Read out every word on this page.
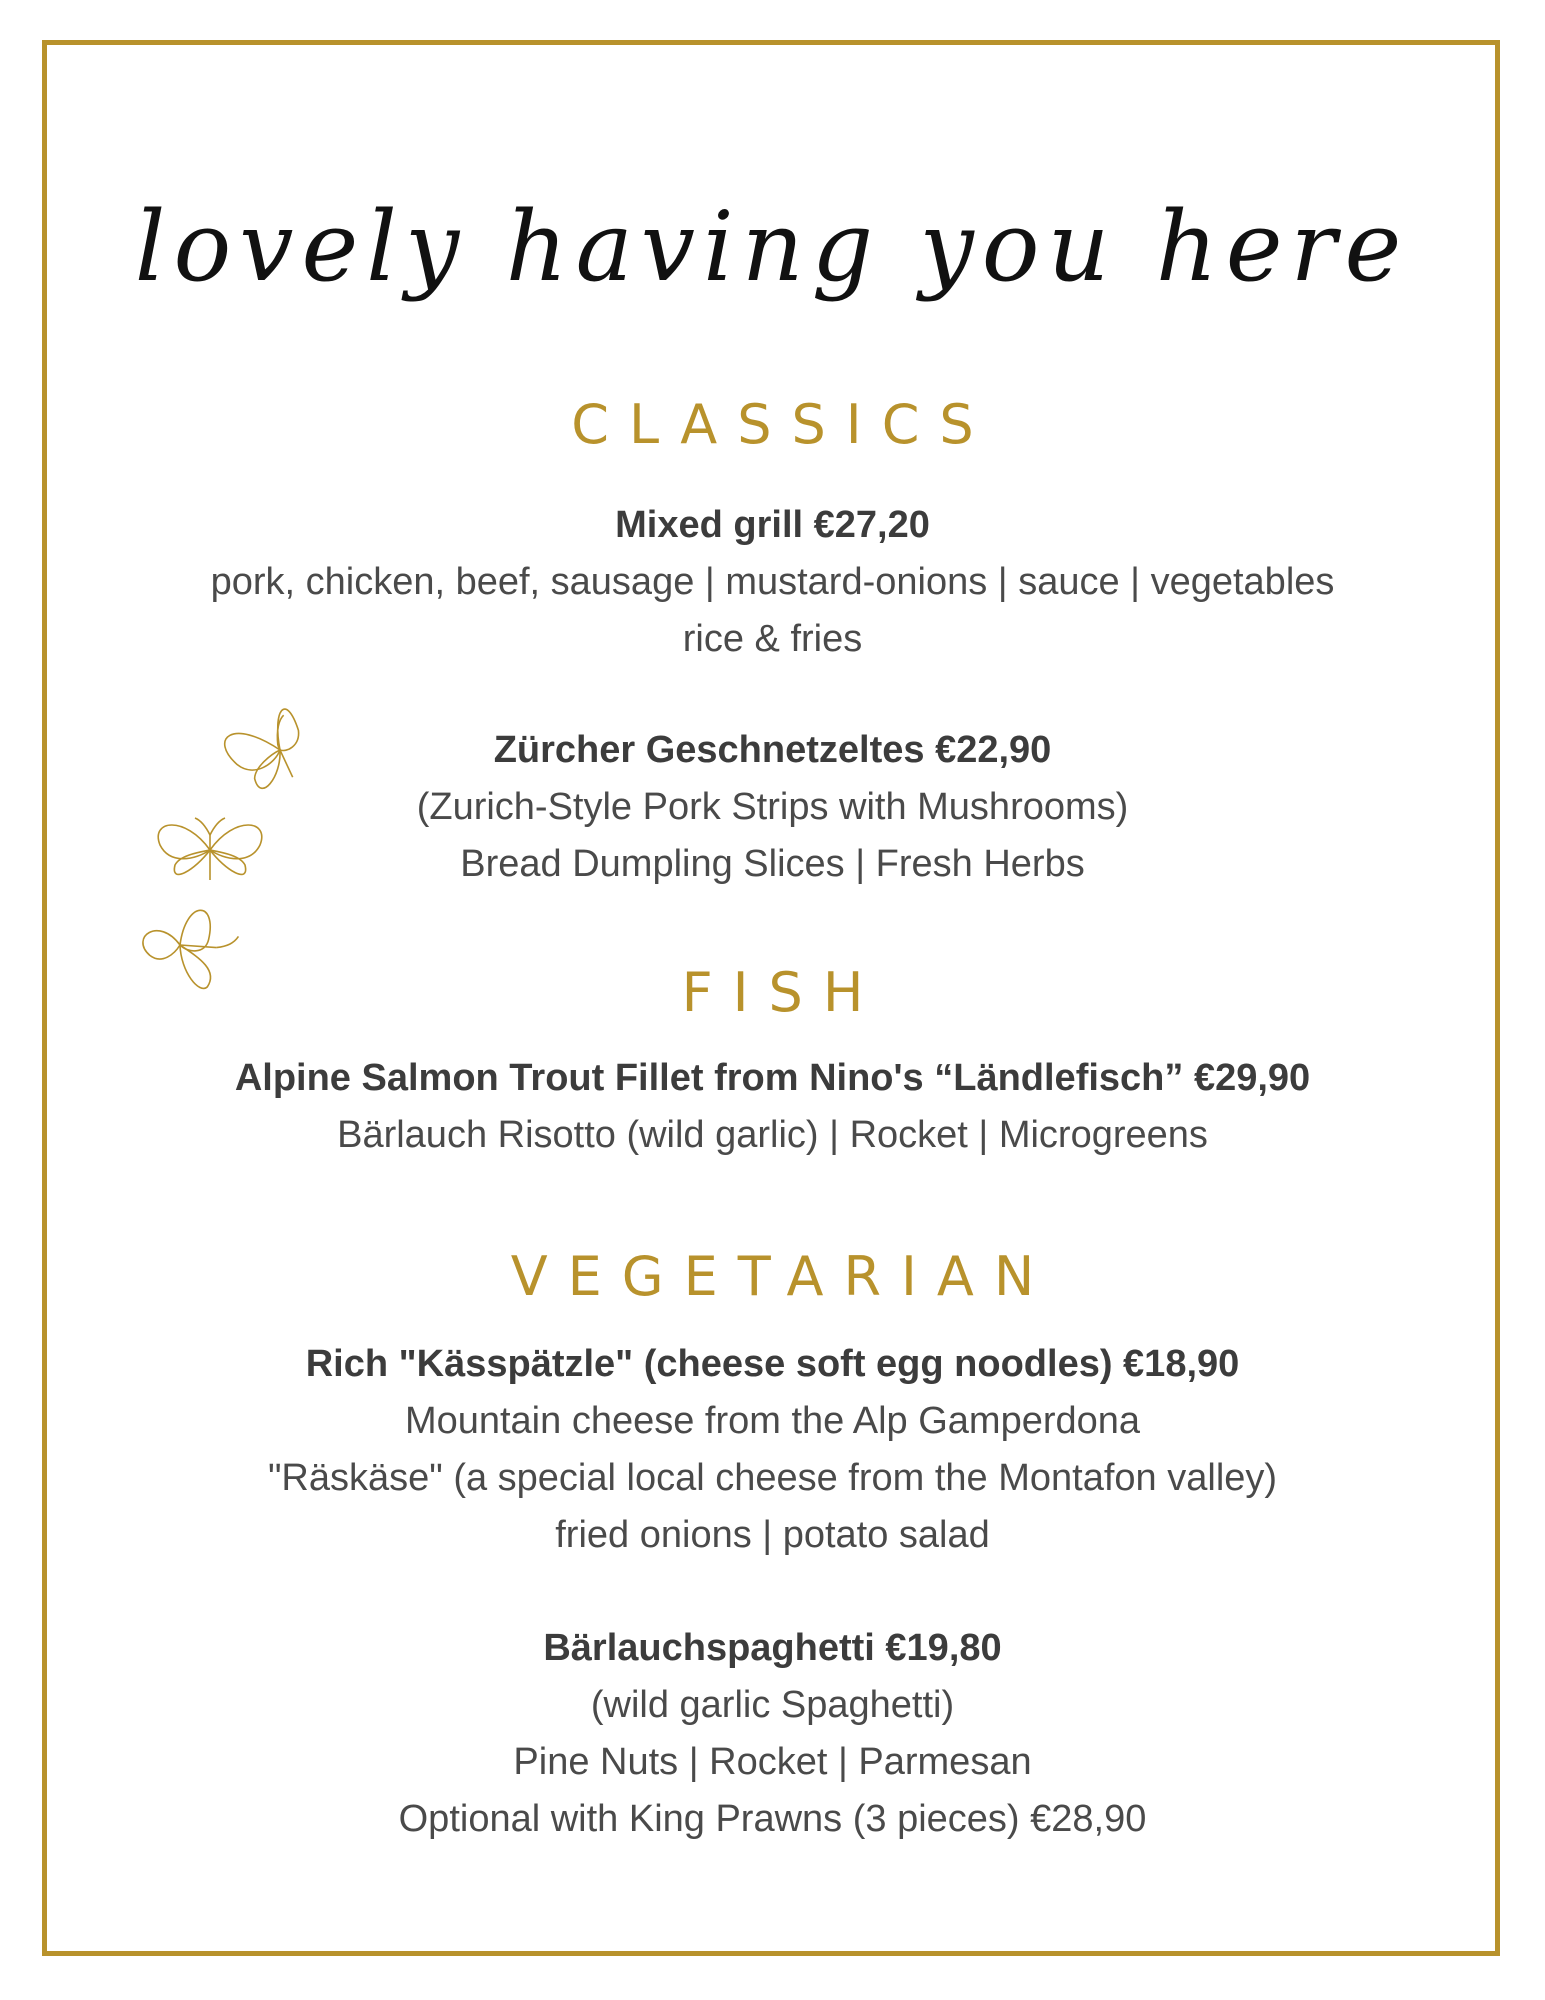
lovely having you here
CLASSICS
Mixed grill €27,20
pork, chicken, beef, sausage | mustard-onions | sauce | vegetables
rice & fries
Zürcher Geschnetzeltes €22,90
(Zurich-Style Pork Strips with Mushrooms)
Bread Dumpling Slices | Fresh Herbs
FISH
Alpine Salmon Trout Fillet from Nino's “Ländlefisch” €29,90
Bärlauch Risotto (wild garlic) | Rocket | Microgreens
VEGETARIAN
Rich "Kässpätzle" (cheese soft egg noodles) €18,90
Mountain cheese from the Alp Gamperdona
"Räskäse" (a special local cheese from the Montafon valley)
fried onions | potato salad
Bärlauchspaghetti €19,80
(wild garlic Spaghetti)
Pine Nuts | Rocket | Parmesan
Optional with King Prawns (3 pieces) €28,90
